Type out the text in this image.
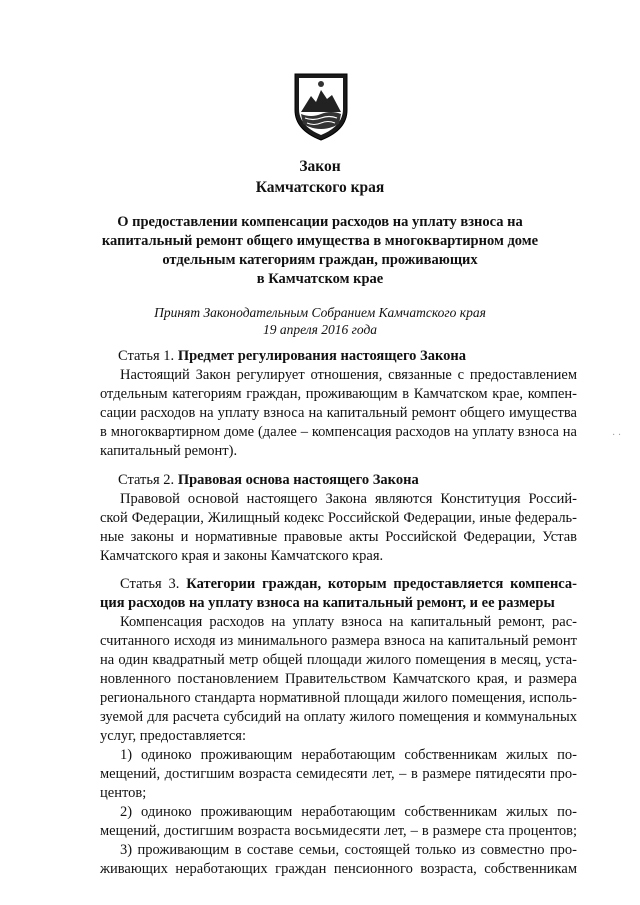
Закон
Камчатского края
О предоставлении компенсации расходов на уплату взноса на
капитальный ремонт общего имущества в многоквартирном доме
отдельным категориям граждан, проживающих
в Камчатском крае
Принят Законодательным Собранием Камчатского края
19 апреля 2016 года
Статья 1. Предмет регулирования настоящего Закона
Настоящий Закон регулирует отношения, связанные с предоставлением
отдельным категориям граждан, проживающим в Камчатском крае, компен-
сации расходов на уплату взноса на капитальный ремонт общего имущества
в многоквартирном доме (далее – компенсация расходов на уплату взноса на
капитальный ремонт).
Статья 2. Правовая основа настоящего Закона
Правовой основой настоящего Закона являются Конституция Россий-
ской Федерации, Жилищный кодекс Российской Федерации, иные федераль-
ные законы и нормативные правовые акты Российской Федерации, Устав
Камчатского края и законы Камчатского края.
Статья 3. Категории граждан, которым предоставляется компенса-
ция расходов на уплату взноса на капитальный ремонт, и ее размеры
Компенсация расходов на уплату взноса на капитальный ремонт, рас-
считанного исходя из минимального размера взноса на капитальный ремонт
на один квадратный метр общей площади жилого помещения в месяц, уста-
новленного постановлением Правительством Камчатского края, и размера
регионального стандарта нормативной площади жилого помещения, исполь-
зуемой для расчета субсидий на оплату жилого помещения и коммунальных
услуг, предоставляется:
1) одиноко проживающим неработающим собственникам жилых по-
мещений, достигшим возраста семидесяти лет, – в размере пятидесяти про-
центов;
2) одиноко проживающим неработающим собственникам жилых по-
мещений, достигшим возраста восьмидесяти лет, – в размере ста процентов;
3) проживающим в составе семьи, состоящей только из совместно про-
живающих неработающих граждан пенсионного возраста, собственникам
· ·
